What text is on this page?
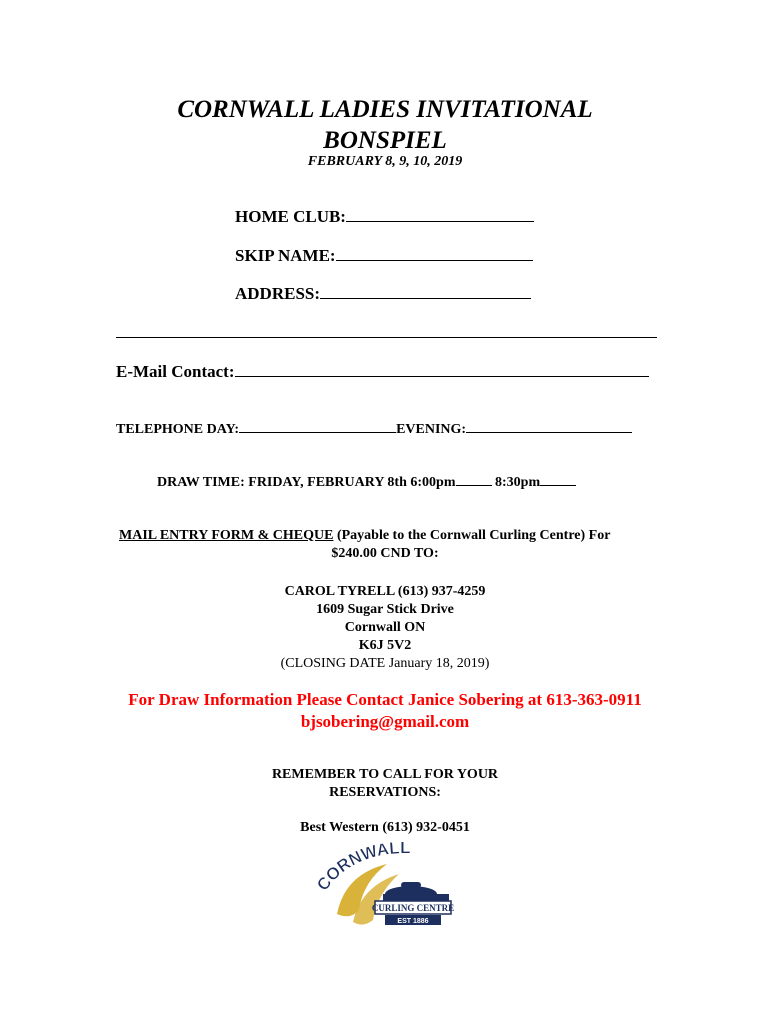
CORNWALL LADIES INVITATIONAL
BONSPIEL
FEBRUARY 8, 9, 10, 2019
HOME CLUB:
SKIP NAME:
ADDRESS:
E-Mail Contact:
TELEPHONE DAY:	EVENING:
DRAW TIME: FRIDAY, FEBRUARY 8th 6:00pm	8:30pm
MAIL ENTRY FORM & CHEQUE (Payable to the Cornwall Curling Centre) For
$240.00 CND TO:
CAROL TYRELL (613) 937-4259
1609 Sugar Stick Drive
Cornwall ON
K6J 5V2
(CLOSING DATE January 18, 2019)
For Draw Information Please Contact Janice Sobering at 613-363-0911
bjsobering@gmail.com
REMEMBER TO CALL FOR YOUR
RESERVATIONS:
Best Western (613) 932-0451
CORNWALL
CURLING CENTRE
EST 1886
